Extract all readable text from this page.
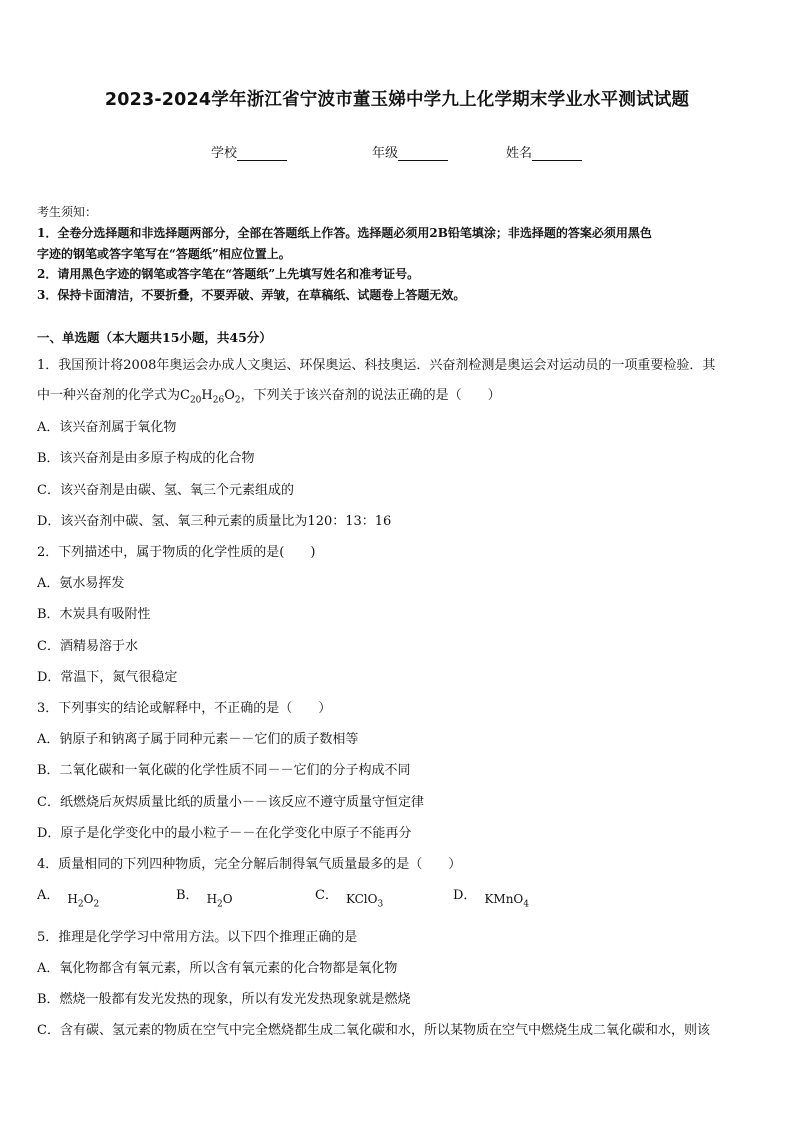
2023-2024学年浙江省宁波市董玉娣中学九上化学期末学业水平测试试题
学校	年级	姓名
考生须知：
1．全卷分选择题和非选择题两部分，全部在答题纸上作答。选择题必须用2B铅笔填涂；非选择题的答案必须用黑色
字迹的钢笔或答字笔写在“答题纸”相应位置上。
2．请用黑色字迹的钢笔或答字笔在“答题纸”上先填写姓名和准考证号。
3．保持卡面清洁，不要折叠，不要弄破、弄皱，在草稿纸、试题卷上答题无效。
一、单选题（本大题共15小题，共45分）
1．我国预计将2008年奥运会办成人文奥运、环保奥运、科技奥运．兴奋剂检测是奥运会对运动员的一项重要检验．其
中一种兴奋剂的化学式为$C_{20}H_{26}O_2$，下列关于该兴奋剂的说法正确的是（　　）
A．该兴奋剂属于氧化物
B．该兴奋剂是由多原子构成的化合物
C．该兴奋剂是由碳、氢、氧三个元素组成的
D．该兴奋剂中碳、氢、氧三种元素的质量比为120：13：16
2．下列描述中，属于物质的化学性质的是(　　)
A．氨水易挥发
B．木炭具有吸附性
C．酒精易溶于水
D．常温下，氮气很稳定
3．下列事实的结论或解释中，不正确的是（　　）
A．钠原子和钠离子属于同种元素－－它们的质子数相等
B．二氧化碳和一氧化碳的化学性质不同－－它们的分子构成不同
C．纸燃烧后灰烬质量比纸的质量小－－该反应不遵守质量守恒定律
D．原子是化学变化中的最小粒子－－在化学变化中原子不能再分
4．质量相同的下列四种物质，完全分解后制得氧气质量最多的是（　　）
A． $H_2O_2$
B． $H_2O$	C． KClO$_3$
D． KMnO$_4$
5．推理是化学学习中常用方法。以下四个推理正确的是
A．氧化物都含有氧元素，所以含有氧元素的化合物都是氧化物
B．燃烧一般都有发光发热的现象，所以有发光发热现象就是燃烧
C．含有碳、氢元素的物质在空气中完全燃烧都生成二氧化碳和水，所以某物质在空气中燃烧生成二氧化碳和水，则该
